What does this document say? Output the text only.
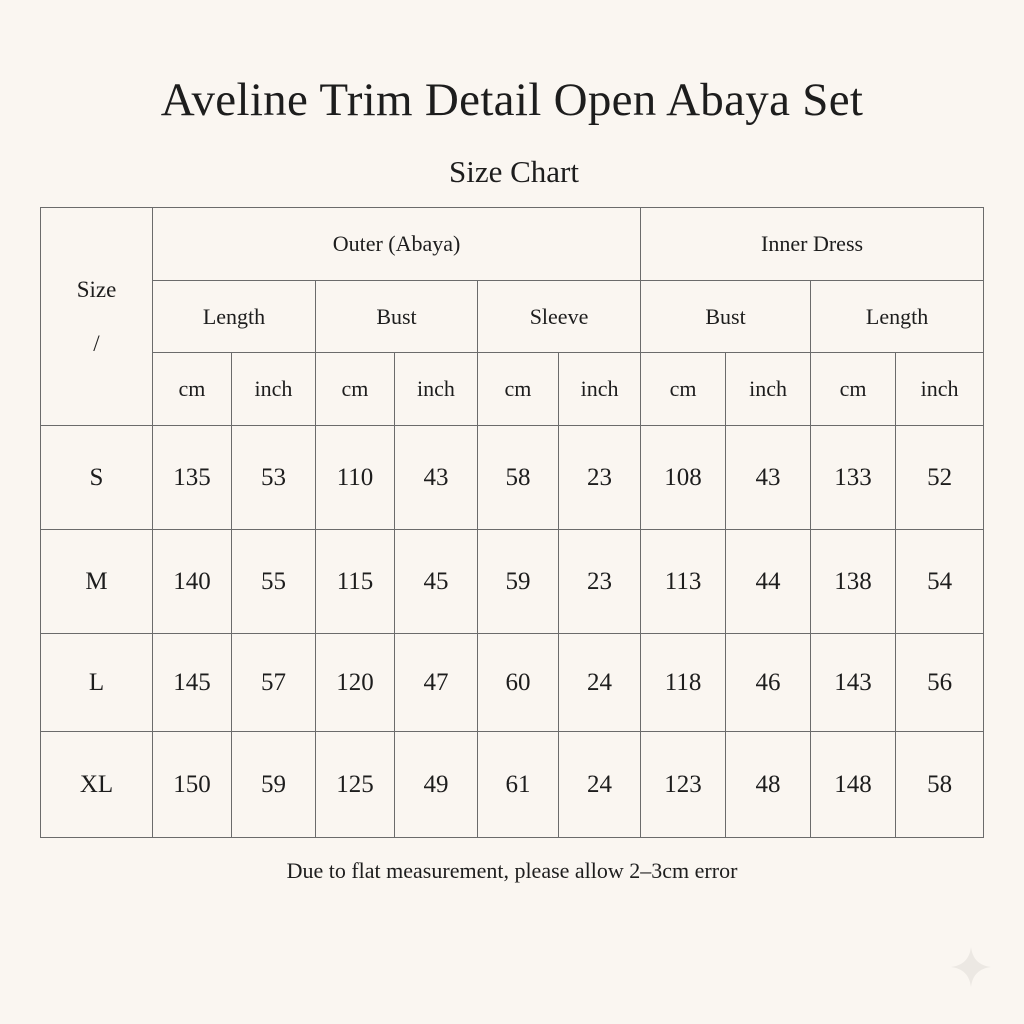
Aveline Trim Detail Open Abaya Set
Size Chart
Size
/	Outer (Abaya)						Inner Dress			
	Length		Bust		Sleeve		Bust		Length	
	cm	inch	cm	inch	cm	inch	cm	inch	cm	inch
S	135	53	110	43	58	23	108	43	133	52
M	140	55	115	45	59	23	113	44	138	54
L	145	57	120	47	60	24	118	46	143	56
XL	150	59	125	49	61	24	123	48	148	58
Due to flat measurement, please allow 2–3cm error
